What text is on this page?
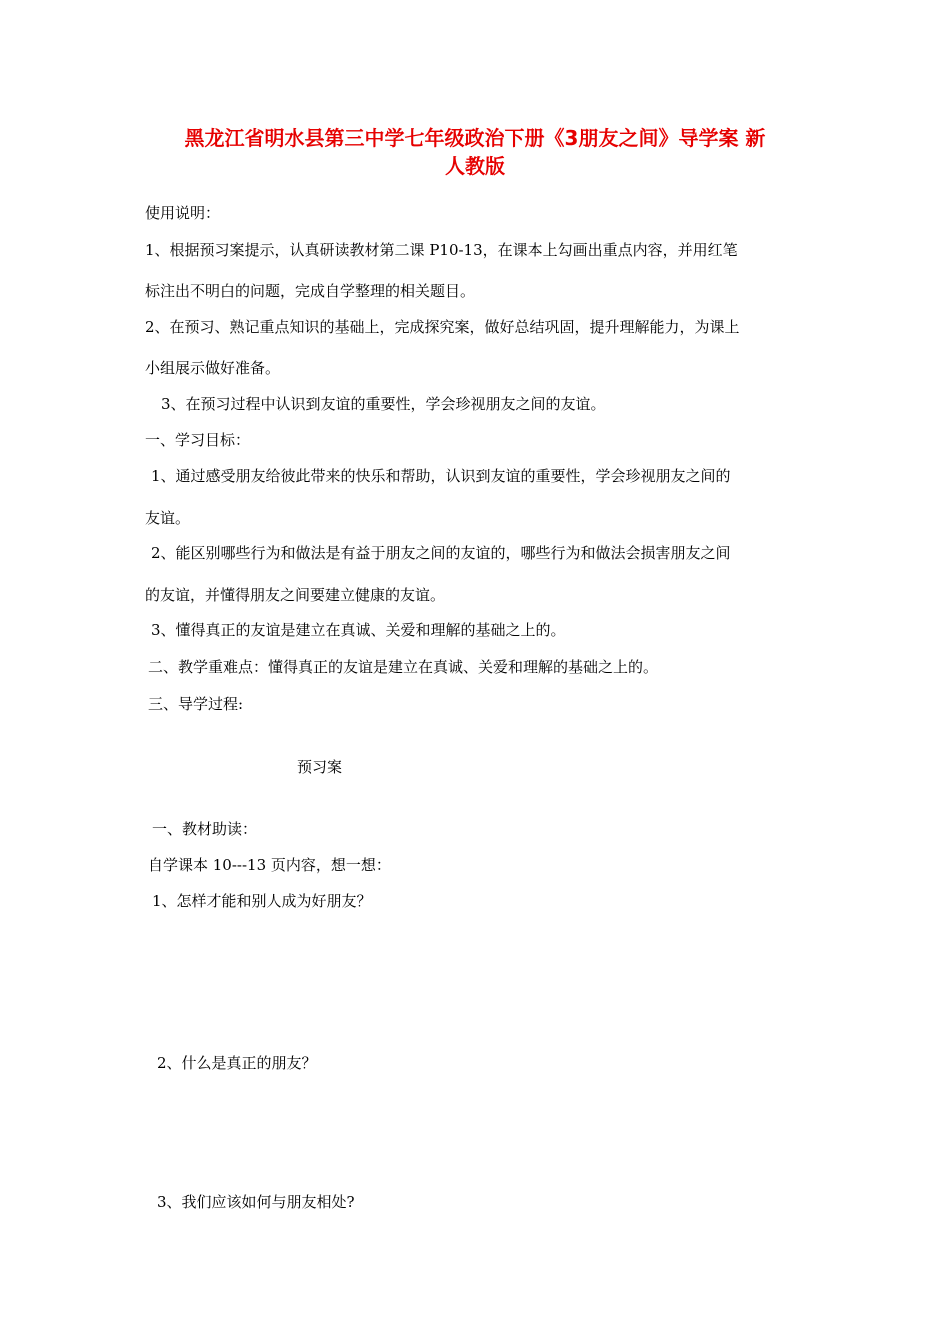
黑龙江省明水县第三中学七年级政治下册《3朋友之间》导学案 新
人教版
使用说明：
1、根据预习案提示，认真研读教材第二课 P10-13，在课本上勾画出重点内容，并用红笔
标注出不明白的问题，完成自学整理的相关题目。
2、在预习、熟记重点知识的基础上，完成探究案，做好总结巩固，提升理解能力，为课上
小组展示做好准备。
3、在预习过程中认识到友谊的重要性，学会珍视朋友之间的友谊。
一、学习目标：
1、通过感受朋友给彼此带来的快乐和帮助，认识到友谊的重要性，学会珍视朋友之间的
友谊。
2、能区别哪些行为和做法是有益于朋友之间的友谊的，哪些行为和做法会损害朋友之间
的友谊，并懂得朋友之间要建立健康的友谊。
3、懂得真正的友谊是建立在真诚、关爱和理解的基础之上的。
二、教学重难点：懂得真正的友谊是建立在真诚、关爱和理解的基础之上的。
三、导学过程:
预习案
一、教材助读：
自学课本 10---13 页内容，想一想：
1、怎样才能和别人成为好朋友？
2、什么是真正的朋友？
3、我们应该如何与朋友相处?
